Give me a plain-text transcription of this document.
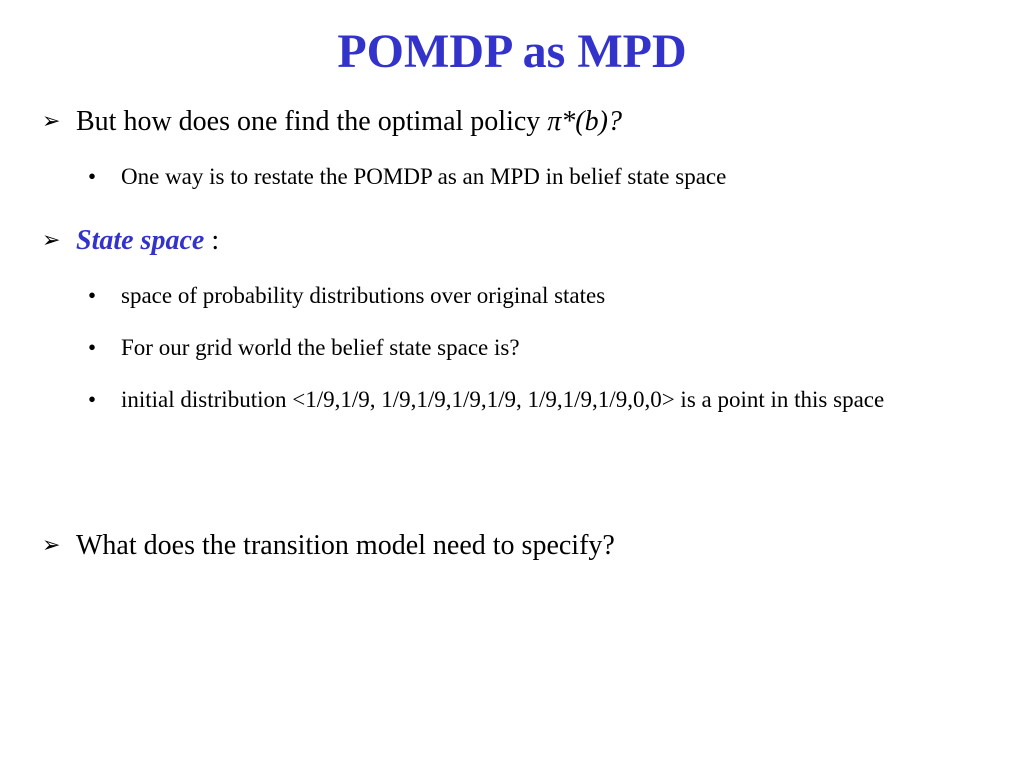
POMDP as MPD
➢ But how does one find the optimal policy π*(b)?
•	One way is to restate the POMDP as an MPD in belief state space
➢ State space :
•	space of probability distributions over original states
•	For our grid world the belief state space is?
•	initial distribution <1/9,1/9, 1/9,1/9,1/9,1/9, 1/9,1/9,1/9,0,0> is a point in this space
➢ What does the transition model need to specify?
